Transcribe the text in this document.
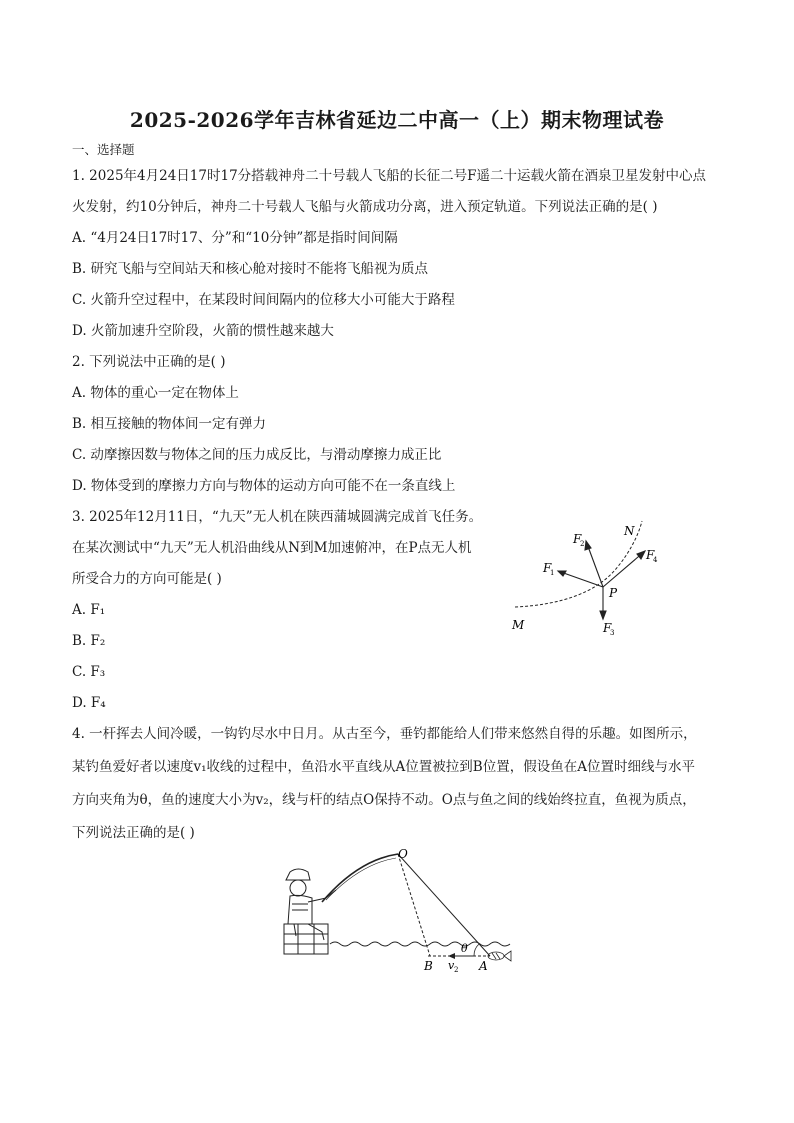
2025-2026学年吉林省延边二中高一（上）期末物理试卷
一、选择题
1. 2025年4月24日17时17分搭载神舟二十号载人飞船的长征二号F遥二十运载火箭在酒泉卫星发射中心点
火发射，约10分钟后，神舟二十号载人飞船与火箭成功分离，进入预定轨道。下列说法正确的是( )
A. “4月24日17时17、分”和“10分钟”都是指时间间隔
B. 研究飞船与空间站天和核心舱对接时不能将飞船视为质点
C. 火箭升空过程中，在某段时间间隔内的位移大小可能大于路程
D. 火箭加速升空阶段，火箭的惯性越来越大
2. 下列说法中正确的是( )
A. 物体的重心一定在物体上
B. 相互接触的物体间一定有弹力
C. 动摩擦因数与物体之间的压力成反比，与滑动摩擦力成正比
D. 物体受到的摩擦力方向与物体的运动方向可能不在一条直线上
3. 2025年12月11日，“九天”无人机在陕西蒲城圆满完成首飞任务。
在某次测试中“九天”无人机沿曲线从N到M加速俯冲，在P点无人机
所受合力的方向可能是( )
A. F₁
B. F₂
C. F₃
D. F₄
N
M
P
F
1
F
2
F
3
F
4
4. 一杆挥去人间冷暖，一钩钓尽水中日月。从古至今，垂钓都能给人们带来悠然自得的乐趣。如图所示，
某钓鱼爱好者以速度v₁收线的过程中，鱼沿水平直线从A位置被拉到B位置，假设鱼在A位置时细线与水平
方向夹角为θ，鱼的速度大小为v₂，线与杆的结点O保持不动。O点与鱼之间的线始终拉直，鱼视为质点，
下列说法正确的是( )
O
θ
B v 2 A
